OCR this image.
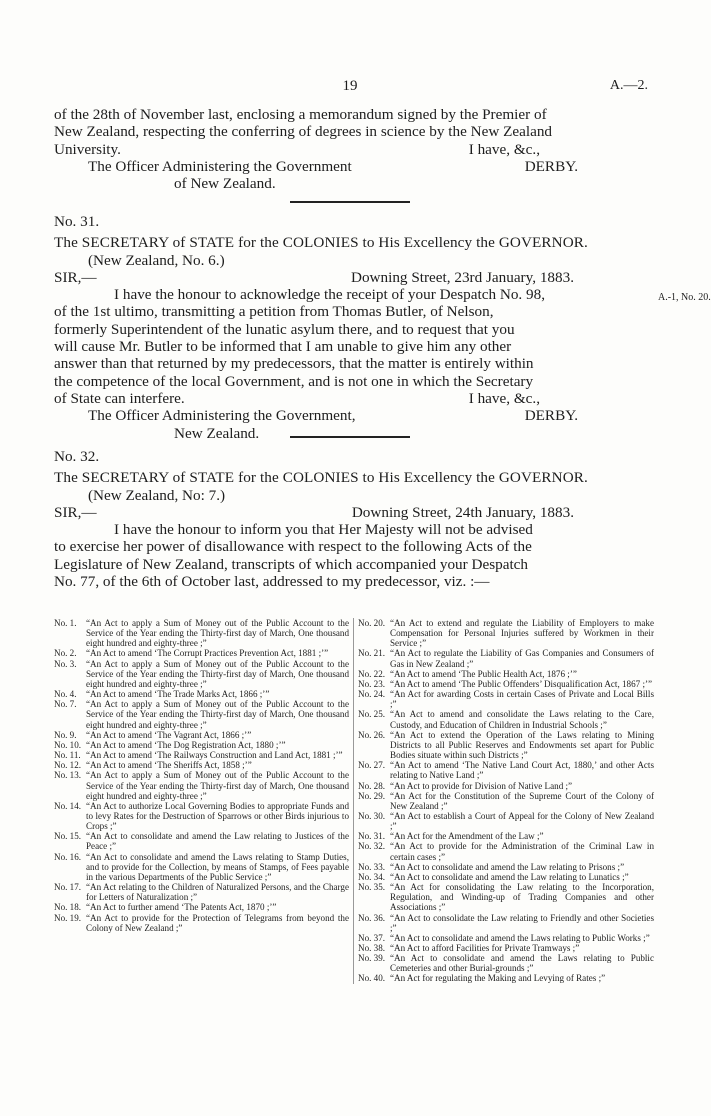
19	A.—2.

of the 28th of November last, enclosing a memorandum signed by the Premier of

New Zealand, respecting the conferring of degrees in science by the New Zealand

University.	I have, &c.,
The Officer Administering the Government	DERBY.
of New Zealand.

No. 31.

The SECRETARY of STATE for the COLONIES to His Excellency the GOVERNOR.

(New Zealand, No. 6.)

SIR,—	Downing Street, 23rd January, 1883.

I have the honour to acknowledge the receipt of your Despatch No. 98,

of the 1st ultimo, transmitting a petition from Thomas Butler, of Nelson,

formerly Superintendent of the lunatic asylum there, and to request that you

will cause Mr. Butler to be informed that I am unable to give him any other

answer than that returned by my predecessors, that the matter is entirely within

the competence of the local Government, and is not one in which the Secretary

of State can interfere.	I have, &c.,
The Officer Administering the Government,	DERBY.
New Zealand.
A.-1, No. 20.

No. 32.

The SECRETARY of STATE for the COLONIES to His Excellency the GOVERNOR.

(New Zealand, No: 7.)

SIR,—	Downing Street, 24th January, 1883.

I have the honour to inform you that Her Majesty will not be advised

to exercise her power of disallowance with respect to the following Acts of the

Legislature of New Zealand, transcripts of which accompanied your Despatch

No. 77, of the 6th of October last, addressed to my predecessor, viz. :—

No. 1.	“An Act to apply a Sum of Money out of the Public Account to the Service of the Year ending the Thirty-first day of March, One thousand eight hundred and eighty-three ;”
No. 2.	“An Act to amend ‘The Corrupt Practices Prevention Act, 1881 ;’”
No. 3.	“An Act to apply a Sum of Money out of the Public Account to the Service of the Year ending the Thirty-first day of March, One thousand eight hundred and eighty-three ;”
No. 4.	“An Act to amend ‘The Trade Marks Act, 1866 ;’”
No. 7.	“An Act to apply a Sum of Money out of the Public Account to the Service of the Year ending the Thirty-first day of March, One thousand eight hundred and eighty-three ;”
No. 9.	“An Act to amend ‘The Vagrant Act, 1866 ;’”
No. 10. “An Act to amend ‘The Dog Registration Act, 1880 ;’”
No. 11. “An Act to amend ‘The Railways Construction and Land Act, 1881 ;’”
No. 12. “An Act to amend ‘The Sheriffs Act, 1858 ;’”
No. 13. “An Act to apply a Sum of Money out of the Public Account to the Service of the Year ending the Thirty-first day of March, One thousand eight hundred and eighty-three ;”
No. 14. “An Act to authorize Local Governing Bodies to appropriate Funds and to levy Rates for the Destruction of Sparrows or other Birds injurious to Crops ;”
No. 15. “An Act to consolidate and amend the Law relating to Justices of the Peace ;”
No. 16. “An Act to consolidate and amend the Laws relating to Stamp Duties, and to provide for the Collection, by means of Stamps, of Fees payable in the various Departments of the Public Service ;”
No. 17. “An Act relating to the Children of Naturalized Persons, and the Charge for Letters of Naturalization ;”
No. 18. “An Act to further amend ‘The Patents Act, 1870 ;’”
No. 19. “An Act to provide for the Protection of Telegrams from beyond the Colony of New Zealand ;”
No. 20. “An Act to extend and regulate the Liability of Employers to make Compensation for Personal Injuries suffered by Workmen in their Service ;”
No. 21. “An Act to regulate the Liability of Gas Companies and Consumers of Gas in New Zealand ;”
No. 22. “An Act to amend ‘The Public Health Act, 1876 ;’”
No. 23. “An Act to amend ‘The Public Offenders’ Disqualification Act, 1867 ;’”
No. 24. “An Act for awarding Costs in certain Cases of Private and Local Bills ;”
No. 25. “An Act to amend and consolidate the Laws relating to the Care, Custody, and Education of Children in Industrial Schools ;”
No. 26. “An Act to extend the Operation of the Laws relating to Mining Districts to all Public Reserves and Endowments set apart for Public Bodies situate within such Districts ;”
No. 27. “An Act to amend ‘The Native Land Court Act, 1880,’ and other Acts relating to Native Land ;”
No. 28. “An Act to provide for Division of Native Land ;”
No. 29. “An Act for the Constitution of the Supreme Court of the Colony of New Zealand ;”
No. 30. “An Act to establish a Court of Appeal for the Colony of New Zealand ;”
No. 31. “An Act for the Amendment of the Law ;”
No. 32. “An Act to provide for the Administration of the Criminal Law in certain cases ;”
No. 33. “An Act to consolidate and amend the Law relating to Prisons ;”
No. 34. “An Act to consolidate and amend the Law relating to Lunatics ;”
No. 35. “An Act for consolidating the Law relating to the Incorporation, Regulation, and Winding-up of Trading Companies and other Associations ;”
No. 36. “An Act to consolidate the Law relating to Friendly and other Societies ;”
No. 37. “An Act to consolidate and amend the Laws relating to Public Works ;”
No. 38. “An Act to afford Facilities for Private Tramways ;”
No. 39. “An Act to consolidate and amend the Laws relating to Public Cemeteries and other Burial-grounds ;”
No. 40. “An Act for regulating the Making and Levying of Rates ;”
